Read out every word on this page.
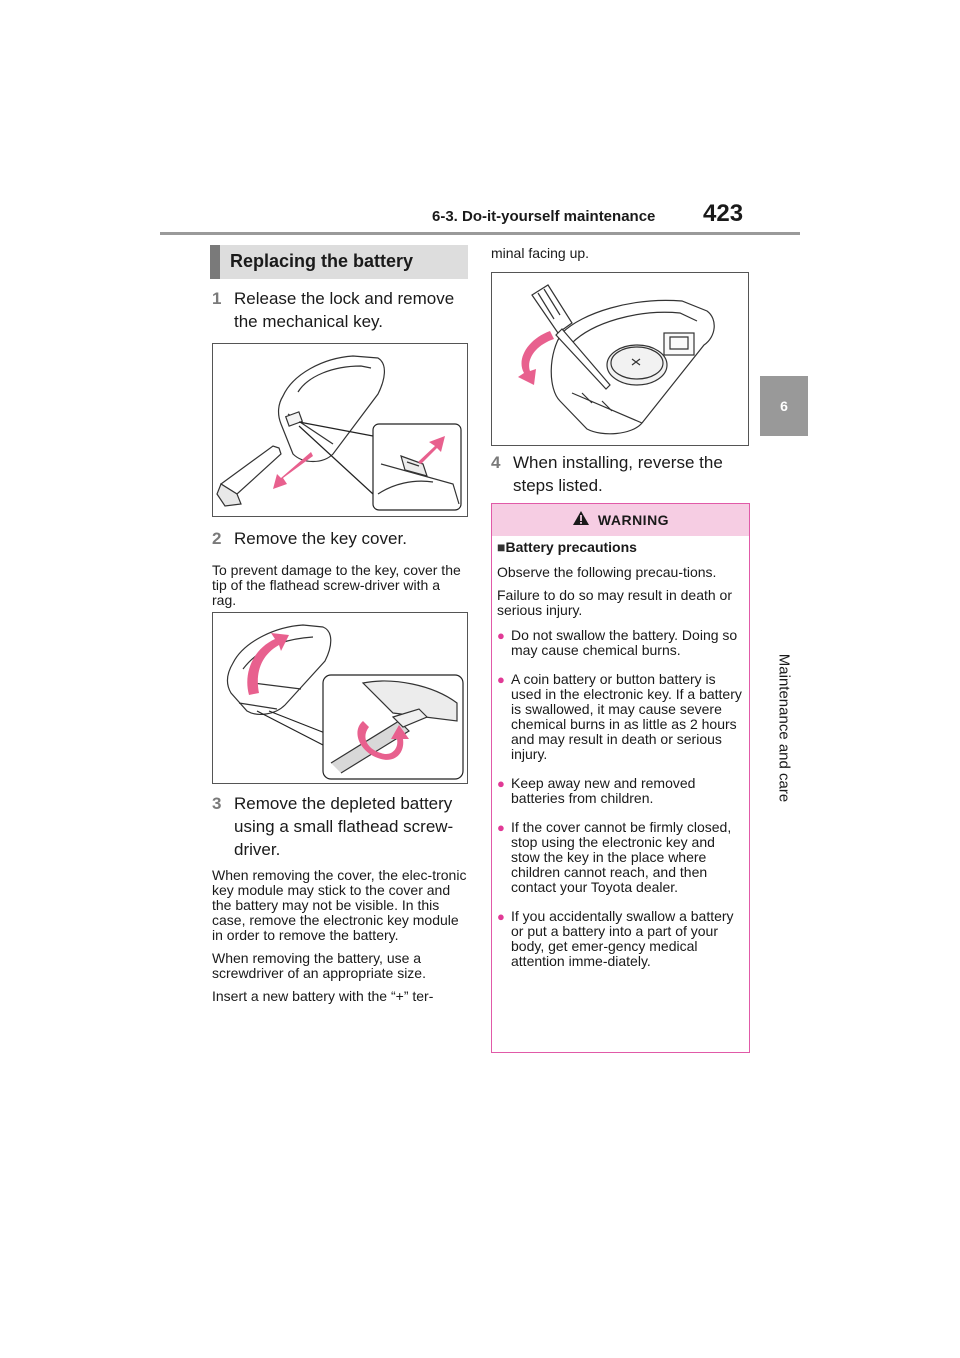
6-3. Do-it-yourself maintenance 423
6
Maintenance and care
Replacing the battery
1 Release the lock and remove the mechanical key.
2 Remove the key cover.

To prevent damage to the key, cover the tip of the flathead screw-driver with a rag.

3 Remove the depleted battery using a small flathead screw-driver.

When removing the cover, the elec-tronic key module may stick to the cover and the battery may not be visible. In this case, remove the electronic key module in order to remove the battery.

When removing the battery, use a screwdriver of an appropriate size.

Insert a new battery with the “+” ter-

minal facing up.

4 When installing, reverse the steps listed.
WARNING
■Battery precautions

Observe the following precau-tions.

Failure to do so may result in death or serious injury.

● Do not swallow the battery. Doing so may cause chemical burns.
● A coin battery or button battery is used in the electronic key. If a battery is swallowed, it may cause severe chemical burns in as little as 2 hours and may result in death or serious injury.
● Keep away new and removed batteries from children.
● If the cover cannot be firmly closed, stop using the electronic key and stow the key in the place where children cannot reach, and then contact your Toyota dealer.
● If you accidentally swallow a battery or put a battery into a part of your body, get emer-gency medical attention imme-diately.
